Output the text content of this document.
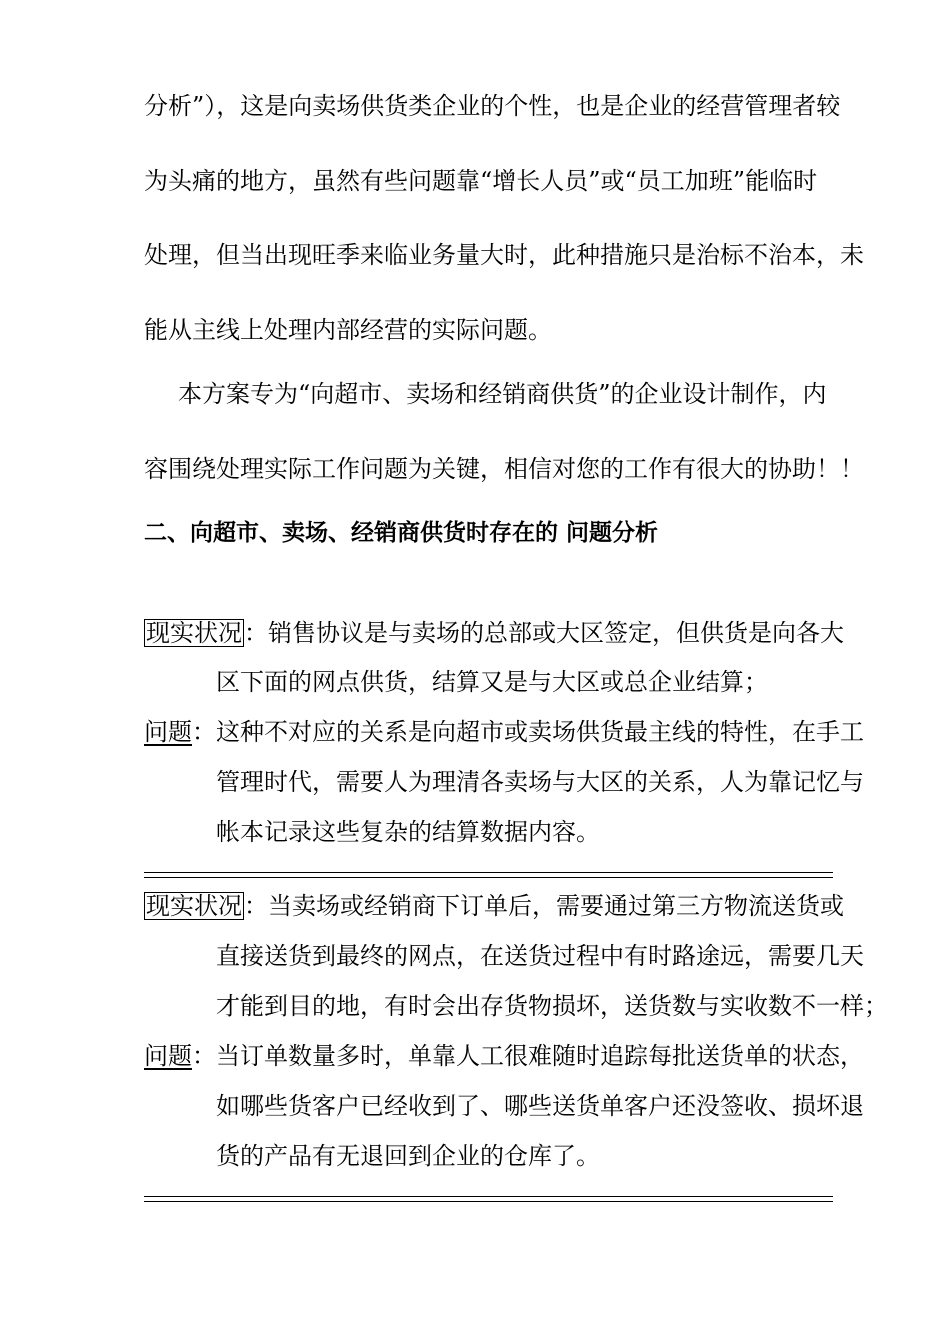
分析”），这是向卖场供货类企业的个性，也是企业的经营管理者较
为头痛的地方，虽然有些问题靠“增长人员”或“员工加班”能临时
处理，但当出现旺季来临业务量大时，此种措施只是治标不治本，未
能从主线上处理内部经营的实际问题。
本方案专为“向超市、卖场和经销商供货”的企业设计制作，内
容围绕处理实际工作问题为关键，相信对您的工作有很大的协助！！
二、向超市、卖场、经销商供货时存在的 问题分析
现实状况：销售协议是与卖场的总部或大区签定，但供货是向各大
区下面的网点供货，结算又是与大区或总企业结算；
问题：这种不对应的关系是向超市或卖场供货最主线的特性，在手工
管理时代，需要人为理清各卖场与大区的关系，人为靠记忆与
帐本记录这些复杂的结算数据内容。
现实状况：当卖场或经销商下订单后，需要通过第三方物流送货或
直接送货到最终的网点，在送货过程中有时路途远，需要几天
才能到目的地，有时会出存货物损坏，送货数与实收数不一样；
问题：当订单数量多时，单靠人工很难随时追踪每批送货单的状态，
如哪些货客户已经收到了、哪些送货单客户还没签收、损坏退
货的产品有无退回到企业的仓库了。
